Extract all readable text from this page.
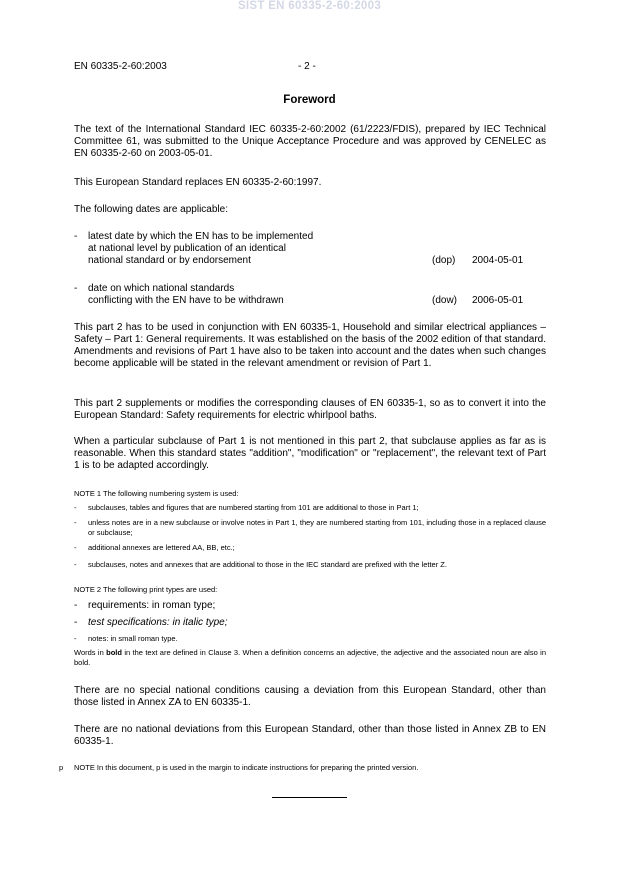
SIST EN 60335-2-60:2003
EN 60335-2-60:2003	- 2 -
Foreword
The text of the International Standard IEC 60335-2-60:2002 (61/2223/FDIS), prepared by IEC Technical Committee 61, was submitted to the Unique Acceptance Procedure and was approved by CENELEC as EN 60335-2-60 on 2003-05-01.
This European Standard replaces EN 60335-2-60:1997.
The following dates are applicable:
- latest date by which the EN has to be implemented
at national level by publication of an identical
national standard or by endorsement	(dop) 2004-05-01
- date on which national standards
conflicting with the EN have to be withdrawn	(dow) 2006-05-01
This part 2 has to be used in conjunction with EN 60335-1, Household and similar electrical appliances – Safety – Part 1: General requirements. It was established on the basis of the 2002 edition of that standard. Amendments and revisions of Part 1 have also to be taken into account and the dates when such changes become applicable will be stated in the relevant amendment or revision of Part 1.
This part 2 supplements or modifies the corresponding clauses of EN 60335-1, so as to convert it into the European Standard: Safety requirements for electric whirlpool baths.
When a particular subclause of Part 1 is not mentioned in this part 2, that subclause applies as far as is reasonable. When this standard states "addition", "modification" or "replacement", the relevant text of Part 1 is to be adapted accordingly.
NOTE 1 The following numbering system is used:
- subclauses, tables and figures that are numbered starting from 101 are additional to those in Part 1;
- unless notes are in a new subclause or involve notes in Part 1, they are numbered starting from 101, including those in a replaced clause or subclause;
- additional annexes are lettered AA, BB, etc.;
- subclauses, notes and annexes that are additional to those in the IEC standard are prefixed with the letter Z.
NOTE 2 The following print types are used:
- requirements: in roman type;
- test specifications: in italic type;
- notes: in small roman type.
Words in bold in the text are defined in Clause 3. When a definition concerns an adjective, the adjective and the associated noun are also in bold.
There are no special national conditions causing a deviation from this European Standard, other than those listed in Annex ZA to EN 60335-1.
There are no national deviations from this European Standard, other than those listed in Annex ZB to EN 60335-1.
p NOTE In this document, p is used in the margin to indicate instructions for preparing the printed version.
